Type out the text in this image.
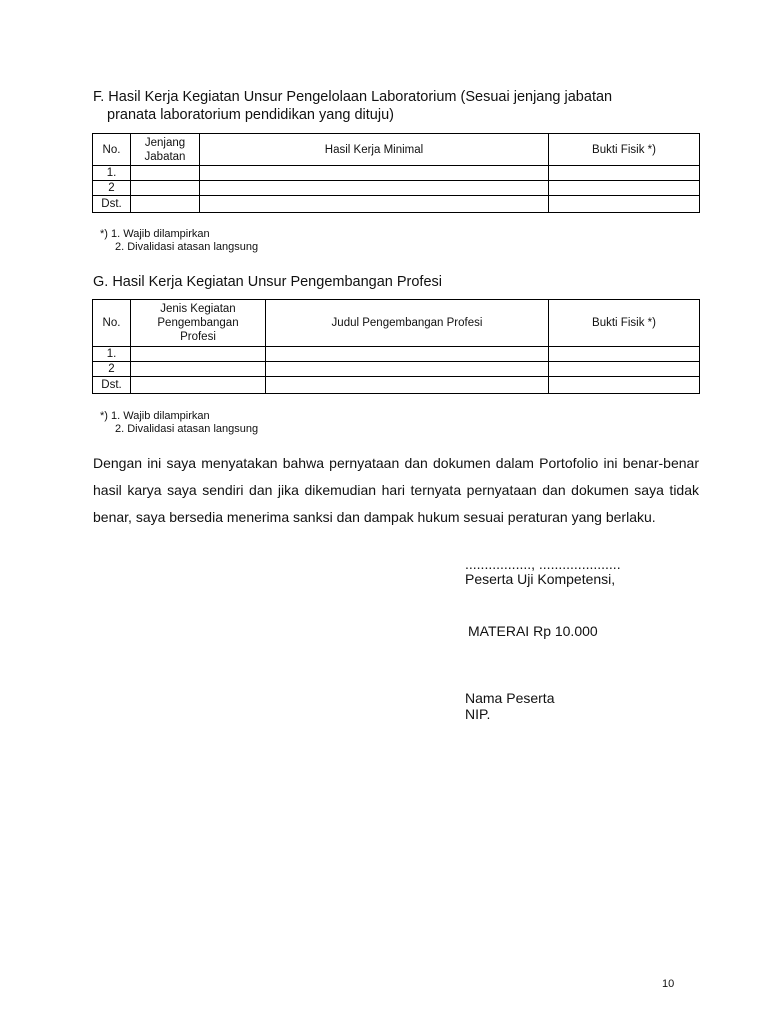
F. Hasil Kerja Kegiatan Unsur Pengelolaan Laboratorium (Sesuai jenjang jabatan
pranata laboratorium pendidikan yang dituju)
No.	Jenjang Jabatan	Hasil Kerja Minimal	Bukti Fisik *)
1.			
2			
Dst.			
*) 1. Wajib dilampirkan
2. Divalidasi atasan langsung
G. Hasil Kerja Kegiatan Unsur Pengembangan Profesi
No.	Jenis Kegiatan Pengembangan Profesi	Judul Pengembangan Profesi	Bukti Fisik *)
1.			
2			
Dst.			
*) 1. Wajib dilampirkan
2. Divalidasi atasan langsung
Dengan ini saya menyatakan bahwa pernyataan dan dokumen dalam Portofolio ini benar-benar hasil karya saya sendiri dan jika dikemudian hari ternyata pernyataan dan dokumen saya tidak benar, saya bersedia menerima sanksi dan dampak hukum sesuai peraturan yang berlaku.
................., .....................
Peserta Uji Kompetensi,
MATERAI Rp 10.000
Nama Peserta
NIP.
10
